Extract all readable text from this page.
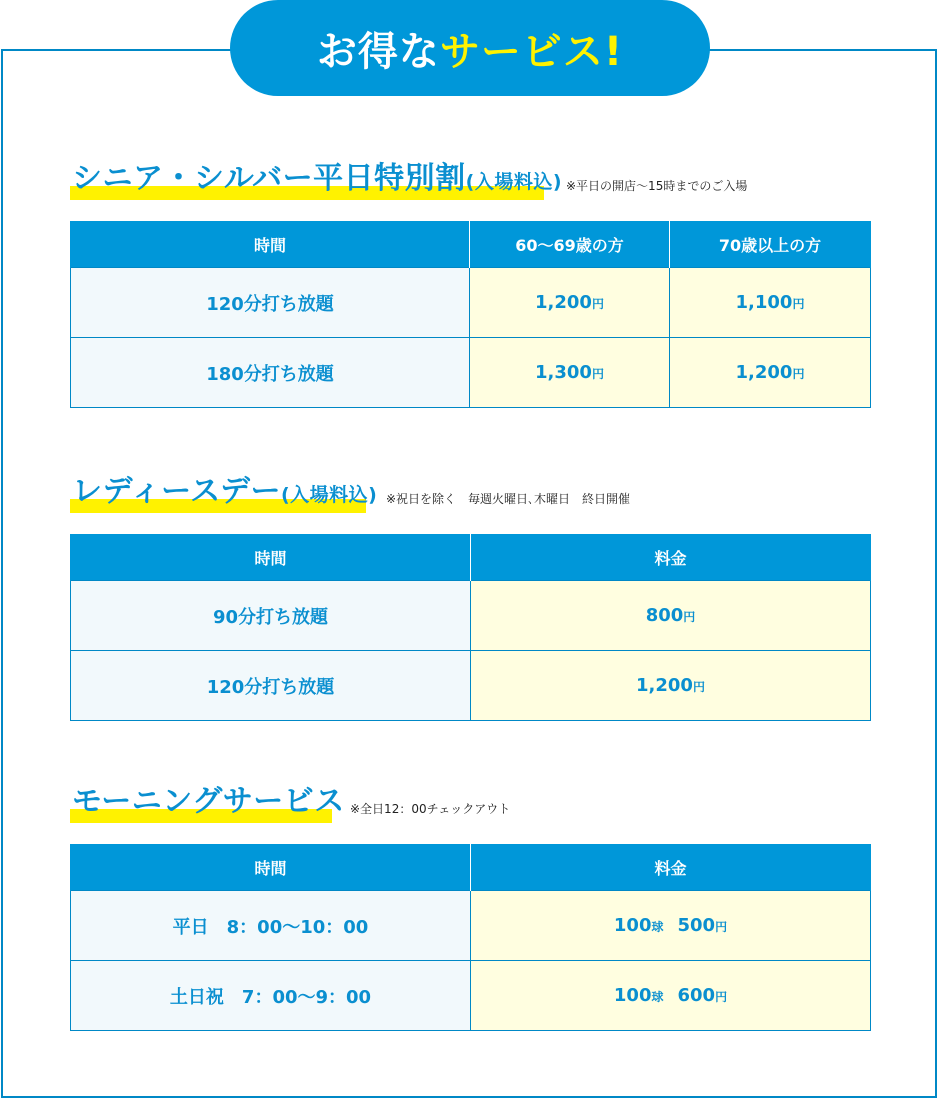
お得な サービス!
シニア・シルバー平日特別割(入場料込) ※平日の開店〜15時までのご入場
時間	60〜69歳の方	70歳以上の方
120分打ち放題	1,200円	1,100円
180分打ち放題	1,300円	1,200円
レディースデー(入場料込) ※祝日を除く　毎週火曜日､木曜日　終日開催
時間	料金
90分打ち放題	800円
120分打ち放題	1,200円
モーニングサービス ※全日12：00チェックアウト
時間	料金
平日　8：00〜10：00	100球 500円
土日祝　7：00〜9：00	100球 600円
